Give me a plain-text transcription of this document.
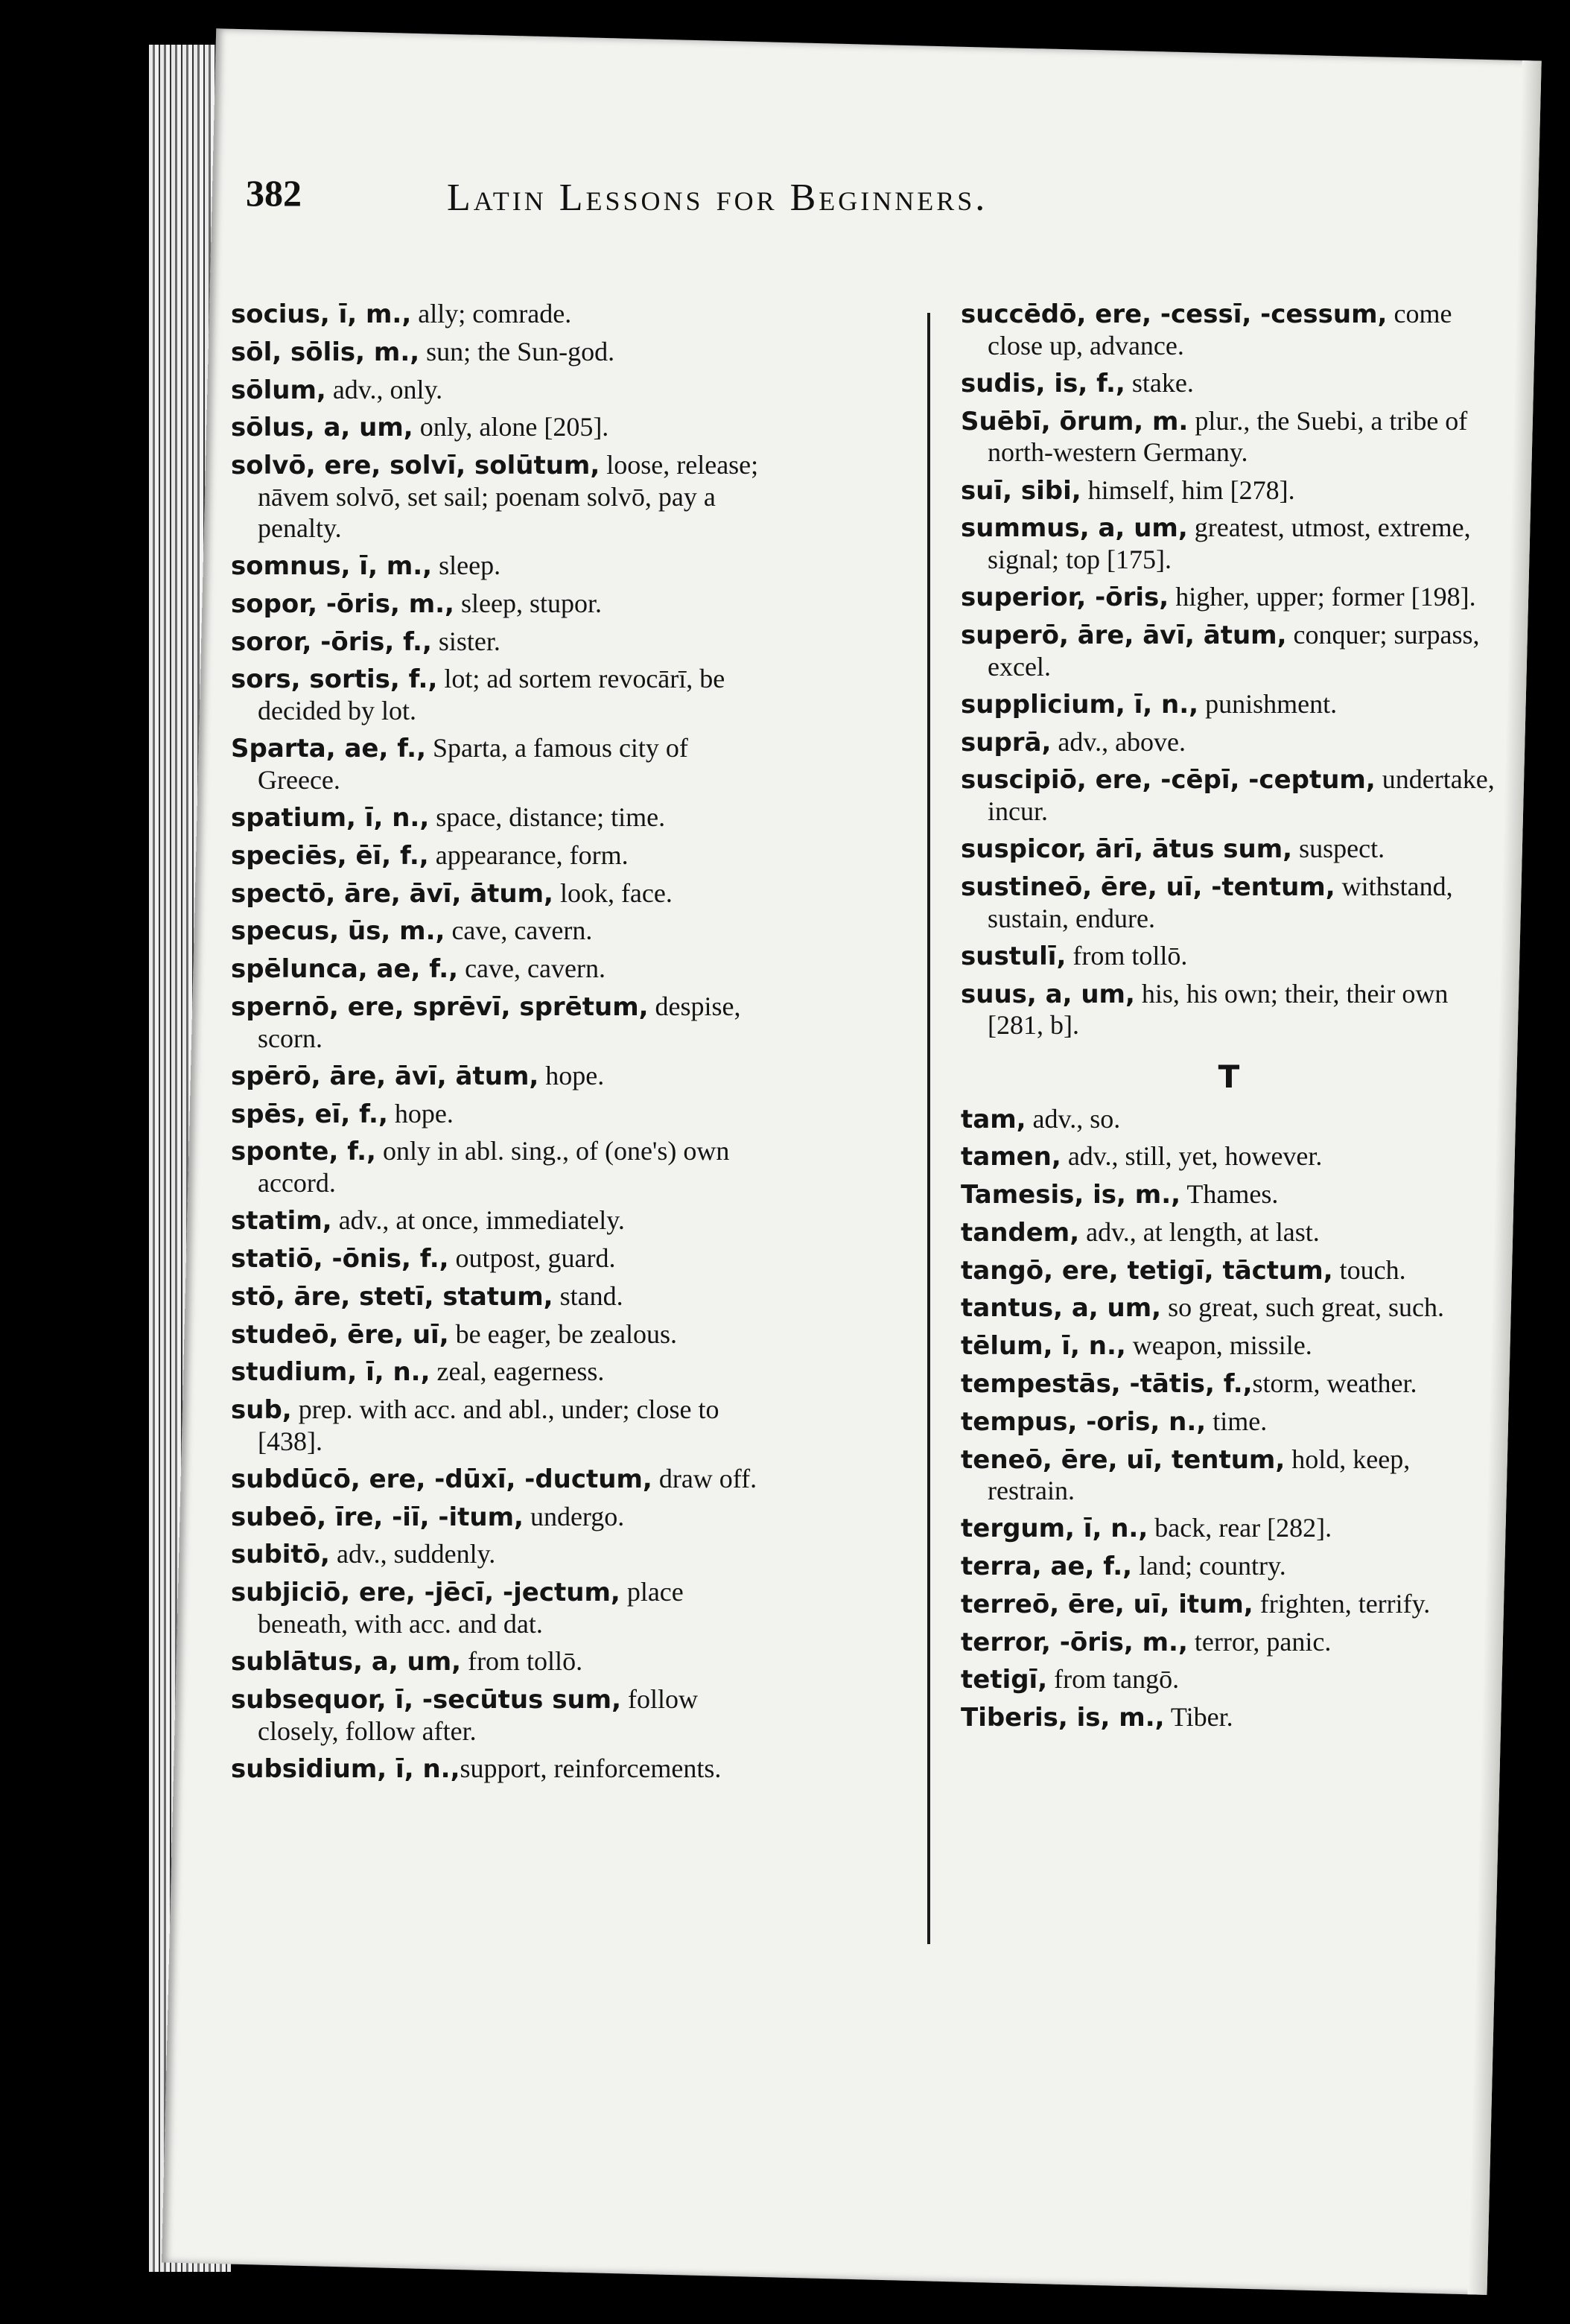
382	Latin Lessons for Beginners.
socius, ī, m., ally; comrade.
sōl, sōlis, m., sun; the Sun-god.
sōlum, adv., only.
sōlus, a, um, only, alone [205].
solvō, ere, solvī, solūtum, loose, release; nāvem solvō, set sail; poenam solvō, pay a penalty.
somnus, ī, m., sleep.
sopor, -ōris, m., sleep, stupor.
soror, -ōris, f., sister.
sors, sortis, f., lot; ad sortem revocārī, be decided by lot.
Sparta, ae, f., Sparta, a famous city of Greece.
spatium, ī, n., space, distance; time.
speciēs, ēī, f., appearance, form.
spectō, āre, āvī, ātum, look, face.
specus, ūs, m., cave, cavern.
spēlunca, ae, f., cave, cavern.
spernō, ere, sprēvī, sprētum, despise, scorn.
spērō, āre, āvī, ātum, hope.
spēs, eī, f., hope.
sponte, f., only in abl. sing., of (one's) own accord.
statim, adv., at once, immediately.
statiō, -ōnis, f., outpost, guard.
stō, āre, stetī, statum, stand.
studeō, ēre, uī, be eager, be zealous.
studium, ī, n., zeal, eagerness.
sub, prep. with acc. and abl., under; close to [438].
subdūcō, ere, -dūxī, -ductum, draw off.
subeō, īre, -iī, -itum, undergo.
subitō, adv., suddenly.
subjiciō, ere, -jēcī, -jectum, place beneath, with acc. and dat.
sublātus, a, um, from tollō.
subsequor, ī, -secūtus sum, follow closely, follow after.
subsidium, ī, n.,support, reinforcements.
succēdō, ere, -cessī, -cessum, come close up, advance.
sudis, is, f., stake.
Suēbī, ōrum, m. plur., the Suebi, a tribe of north-western Germany.
suī, sibi, himself, him [278].
summus, a, um, greatest, utmost, extreme, signal; top [175].
superior, -ōris, higher, upper; former [198].
superō, āre, āvī, ātum, conquer; surpass, excel.
supplicium, ī, n., punishment.
suprā, adv., above.
suscipiō, ere, -cēpī, -ceptum, undertake, incur.
suspicor, ārī, ātus sum, suspect.
sustineō, ēre, uī, -tentum, withstand, sustain, endure.
sustulī, from tollō.
suus, a, um, his, his own; their, their own [281, b].
T
tam, adv., so.
tamen, adv., still, yet, however.
Tamesis, is, m., Thames.
tandem, adv., at length, at last.
tangō, ere, tetigī, tāctum, touch.
tantus, a, um, so great, such great, such.
tēlum, ī, n., weapon, missile.
tempestās, -tātis, f.,storm, weather.
tempus, -oris, n., time.
teneō, ēre, uī, tentum, hold, keep, restrain.
tergum, ī, n., back, rear [282].
terra, ae, f., land; country.
terreō, ēre, uī, itum, frighten, terrify.
terror, -ōris, m., terror, panic.
tetigī, from tangō.
Tiberis, is, m., Tiber.
